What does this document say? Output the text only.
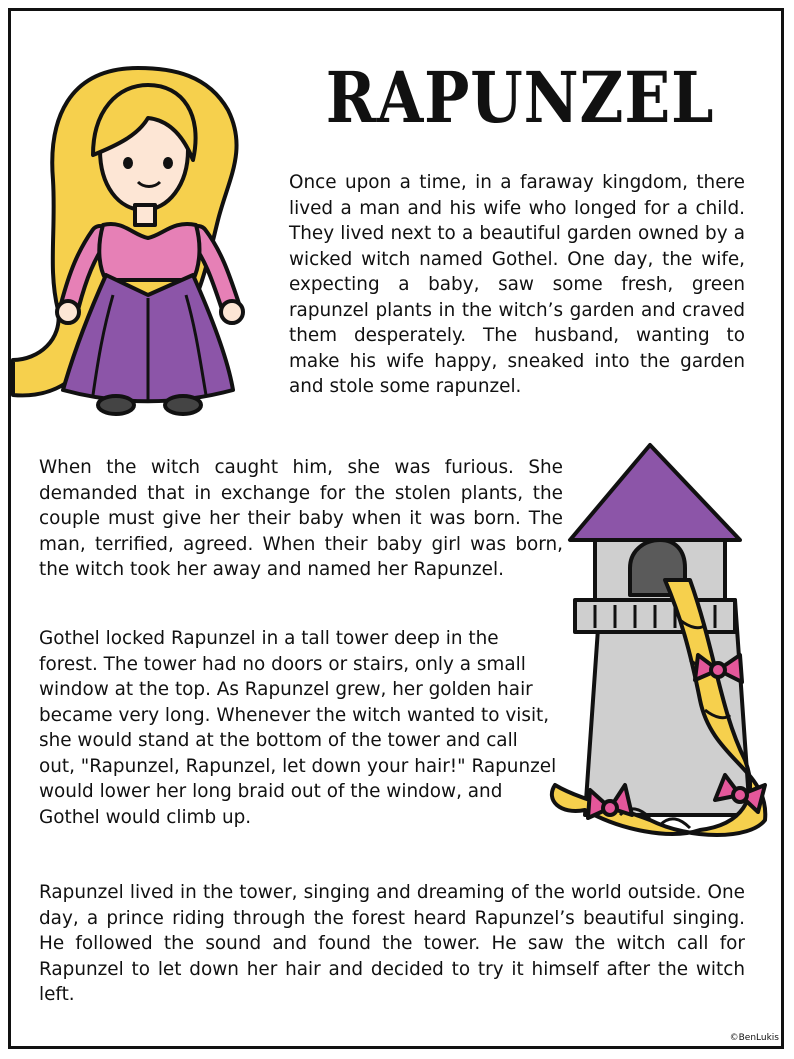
RAPUNZEL

Once upon a time, in a faraway kingdom, there lived a man and his wife who longed for a child. They lived next to a beautiful garden owned by a wicked witch named Gothel. One day, the wife, expecting a baby, saw some fresh, green rapunzel plants in the witch’s garden and craved them desperately. The husband, wanting to make his wife happy, sneaked into the garden and stole some rapunzel.

When the witch caught him, she was furious. She demanded that in exchange for the stolen plants, the couple must give her their baby when it was born. The man, terrified, agreed. When their baby girl was born, the witch took her away and named her Rapunzel.

Gothel locked Rapunzel in a tall tower deep in the forest. The tower had no doors or stairs, only a small window at the top. As Rapunzel grew, her golden hair became very long. Whenever the witch wanted to visit, she would stand at the bottom of the tower and call out, "Rapunzel, Rapunzel, let down your hair!" Rapunzel would lower her long braid out of the window, and Gothel would climb up.

Rapunzel lived in the tower, singing and dreaming of the world outside. One day, a prince riding through the forest heard Rapunzel’s beautiful singing. He followed the sound and found the tower. He saw the witch call for Rapunzel to let down her hair and decided to try it himself after the witch left.

©BenLukis
